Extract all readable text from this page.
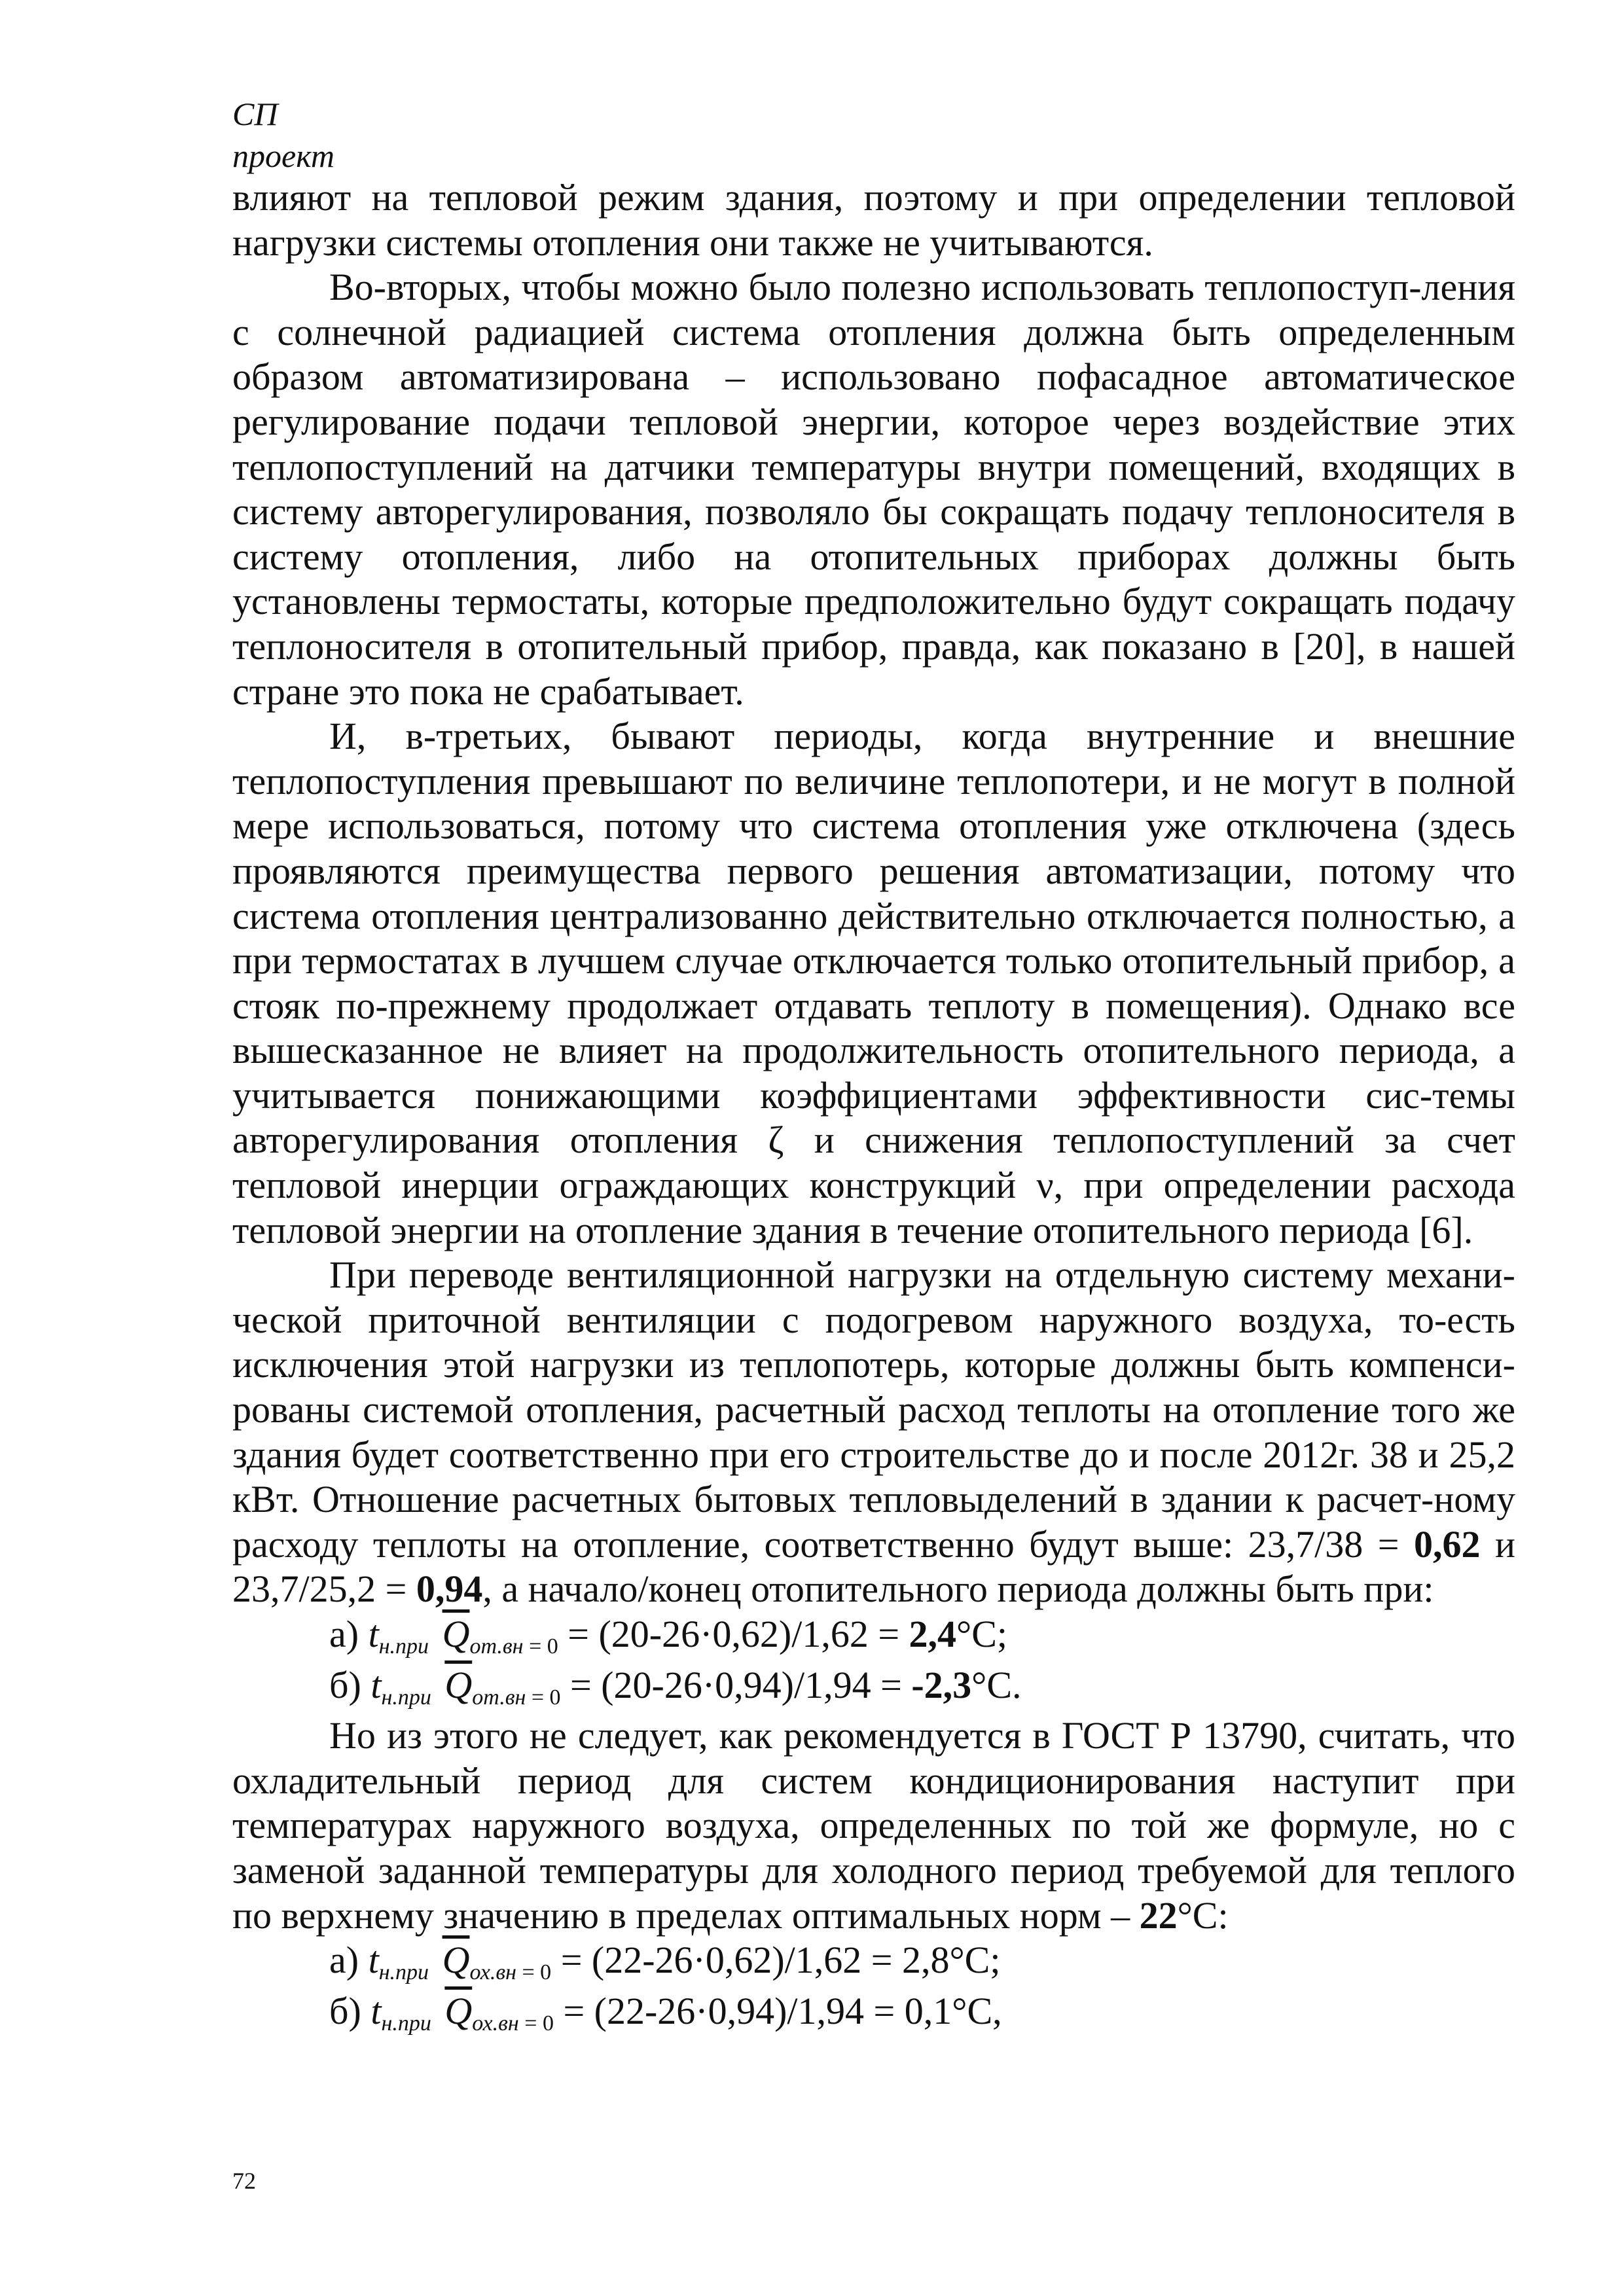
СП
проект

влияют на тепловой режим здания, поэтому и при определении тепловой нагрузки системы отопления они также не учитываются.

Во-вторых, чтобы можно было полезно использовать теплопоступ-ления с солнечной радиацией система отопления должна быть определенным образом автоматизирована – использовано пофасадное автоматическое регулирование подачи тепловой энергии, которое через воздействие этих теплопоступлений на датчики температуры внутри помещений, входящих в систему авторегулирования, позволяло бы сокращать подачу теплоносителя в систему отопления, либо на отопительных приборах должны быть установлены термостаты, которые предположительно будут сокращать подачу теплоносителя в отопительный прибор, правда, как показано в [20], в нашей стране это пока не срабатывает.

И, в-третьих, бывают периоды, когда внутренние и внешние теплопоступления превышают по величине теплопотери, и не могут в полной мере использоваться, потому что система отопления уже отключена (здесь проявляются преимущества первого решения автоматизации, потому что система отопления централизованно действительно отключается полностью, а при термостатах в лучшем случае отключается только отопительный прибор, а стояк по-прежнему продолжает отдавать теплоту в помещения). Однако все вышесказанное не влияет на продолжительность отопительного периода, а учитывается понижающими коэффициентами эффективности сис-темы авторегулирования отопления ζ и снижения теплопоступлений за счет тепловой инерции ограждающих конструкций ν, при определении расхода тепловой энергии на отопление здания в течение отопительного периода [6].

При переводе вентиляционной нагрузки на отдельную систему механи-ческой приточной вентиляции с подогревом наружного воздуха, то-есть исключения этой нагрузки из теплопотерь, которые должны быть компенси-рованы системой отопления, расчетный расход теплоты на отопление того же здания будет соответственно при его строительстве до и после 2012г. 38 и 25,2 кВт. Отношение расчетных бытовых тепловыделений в здании к расчет-ному расходу теплоты на отопление, соответственно будут выше: 23,7/38 = 0,62 и 23,7/25,2 = 0,94, а начало/конец отопительного периода должны быть при:

а) tн.при $\overline{Q}от.вн = 0 = (20-26\cdot 0,62)/1,62 = 2,4^\circ С$;
б) tн.при $\overline{Q}от.вн = 0 = (20-26\cdot 0,94)/1,94 = -2,3^\circ С$.

Но из этого не следует, как рекомендуется в ГОСТ Р 13790, считать, что охладительный период для систем кондиционирования наступит при температурах наружного воздуха, определенных по той же формуле, но с заменой заданной температуры для холодного период требуемой для теплого по верхнему значению в пределах оптимальных норм – 22°С:

а) tн.при $\overline{Q}ох.вн = 0 = (22-26\cdot 0,62)/1,62 = 2,8^\circ С$;
б) tн.при $\overline{Q}ох.вн = 0 = (22-26\cdot 0,94)/1,94 = 0,1^\circ С$,
72
